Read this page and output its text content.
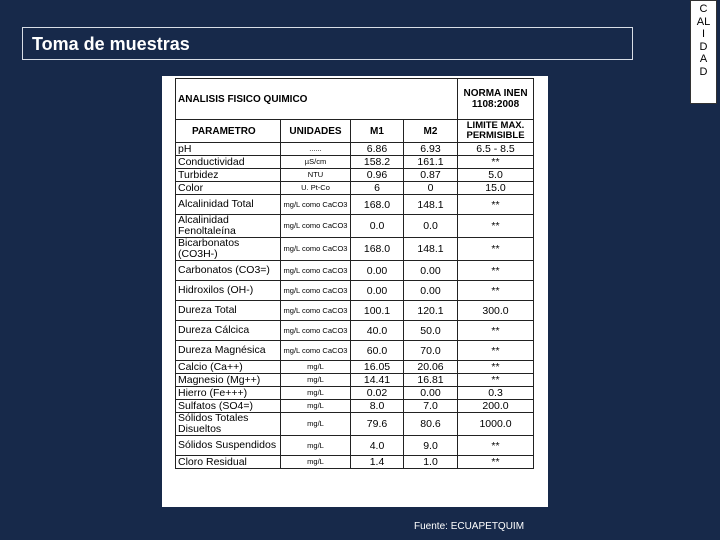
Toma de muestras
C
AL
I
D
A
D
ANALISIS FISICO QUIMICO				NORMA INEN 1108:2008
PARAMETRO	UNIDADES	M1	M2	LIMITE MAX. PERMISIBLE
pH	......	6.86	6.93	6.5 - 8.5
Conductividad	µS/cm	158.2	161.1	**
Turbidez	NTU	0.96	0.87	5.0
Color	U. Pt-Co	6	0	15.0
Alcalinidad Total	mg/L como CaCO3	168.0	148.1	**
Alcalinidad Fenoltaleína	mg/L como CaCO3	0.0	0.0	**
Bicarbonatos (CO3H-)	mg/L como CaCO3	168.0	148.1	**
Carbonatos (CO3=)	mg/L como CaCO3	0.00	0.00	**
Hidroxilos (OH-)	mg/L como CaCO3	0.00	0.00	**
Dureza Total	mg/L como CaCO3	100.1	120.1	300.0
Dureza Cálcica	mg/L como CaCO3	40.0	50.0	**
Dureza Magnésica	mg/L como CaCO3	60.0	70.0	**
Calcio (Ca++)	mg/L	16.05	20.06	**
Magnesio (Mg++)	mg/L	14.41	16.81	**
Hierro (Fe+++)	mg/L	0.02	0.00	0.3
Sulfatos (SO4=)	mg/L	8.0	7.0	200.0
Sólidos Totales Disueltos	mg/L	79.6	80.6	1000.0
Sólidos Suspendidos	mg/L	4.0	9.0	**
Cloro Residual	mg/L	1.4	1.0	**
Fuente: ECUAPETQUIM
